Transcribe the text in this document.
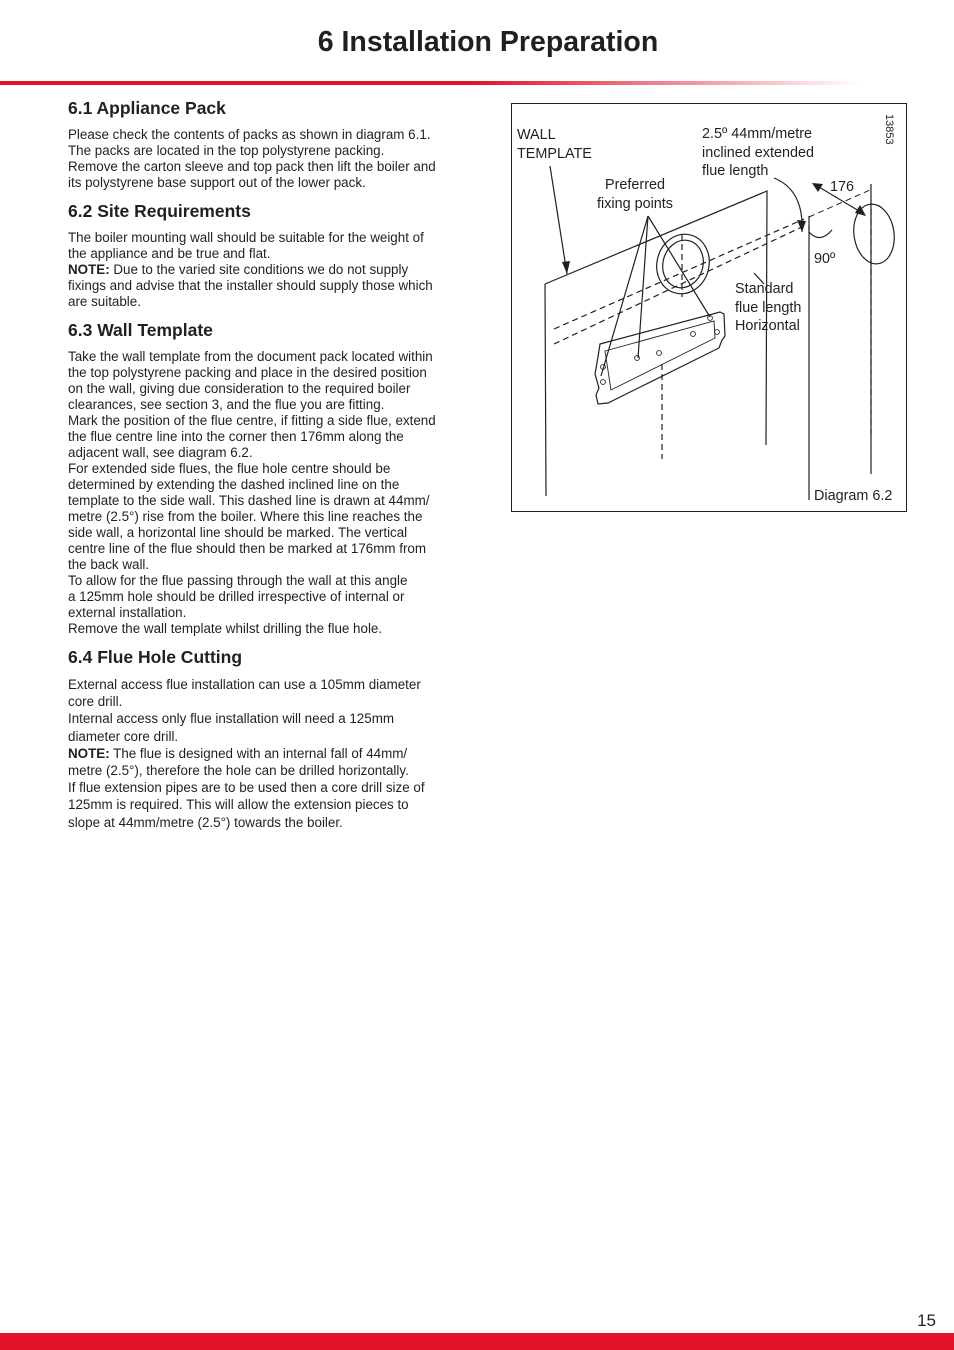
6 Installation Preparation
6.1 Appliance Pack

Please check the contents of packs as shown in diagram 6.1.

The packs are located in the top polystyrene packing.

Remove the carton sleeve and top pack then lift the boiler and

its polystyrene base support out of the lower pack.

6.2 Site Requirements

The boiler mounting wall should be suitable for the weight of

the appliance and be true and flat.

NOTE: Due to the varied site conditions we do not supply

fixings and advise that the installer should supply those which

are suitable.

6.3 Wall Template

Take the wall template from the document pack located within

the top polystyrene packing and place in the desired position

on the wall, giving due consideration to the required boiler

clearances, see section 3, and the flue you are fitting.

Mark the position of the flue centre, if fitting a side flue, extend

the flue centre line into the corner then 176mm along the

adjacent wall, see diagram 6.2.

For extended side flues, the flue hole centre should be

determined by extending the dashed inclined line on the

template to the side wall. This dashed line is drawn at 44mm/

metre (2.5°) rise from the boiler. Where this line reaches the

side wall, a horizontal line should be marked. The vertical

centre line of the flue should then be marked at 176mm from

the back wall.

To allow for the flue passing through the wall at this angle

a 125mm hole should be drilled irrespective of internal or

external installation.

Remove the wall template whilst drilling the flue hole.

6.4 Flue Hole Cutting

External access flue installation can use a 105mm diameter

core drill.

Internal access only flue installation will need a 125mm

diameter core drill.

NOTE: The flue is designed with an internal fall of 44mm/

metre (2.5°), therefore the hole can be drilled horizontally.

If flue extension pipes are to be used then a core drill size of

125mm is required. This will allow the extension pieces to

slope at 44mm/metre (2.5°) towards the boiler.

WALL
TEMPLATE
2.5º 44mm/metre
inclined extended
flue length
Preferred
fixing points
176
90º
Standard
flue length
Horizontal
13853
Diagram 6.2
15
